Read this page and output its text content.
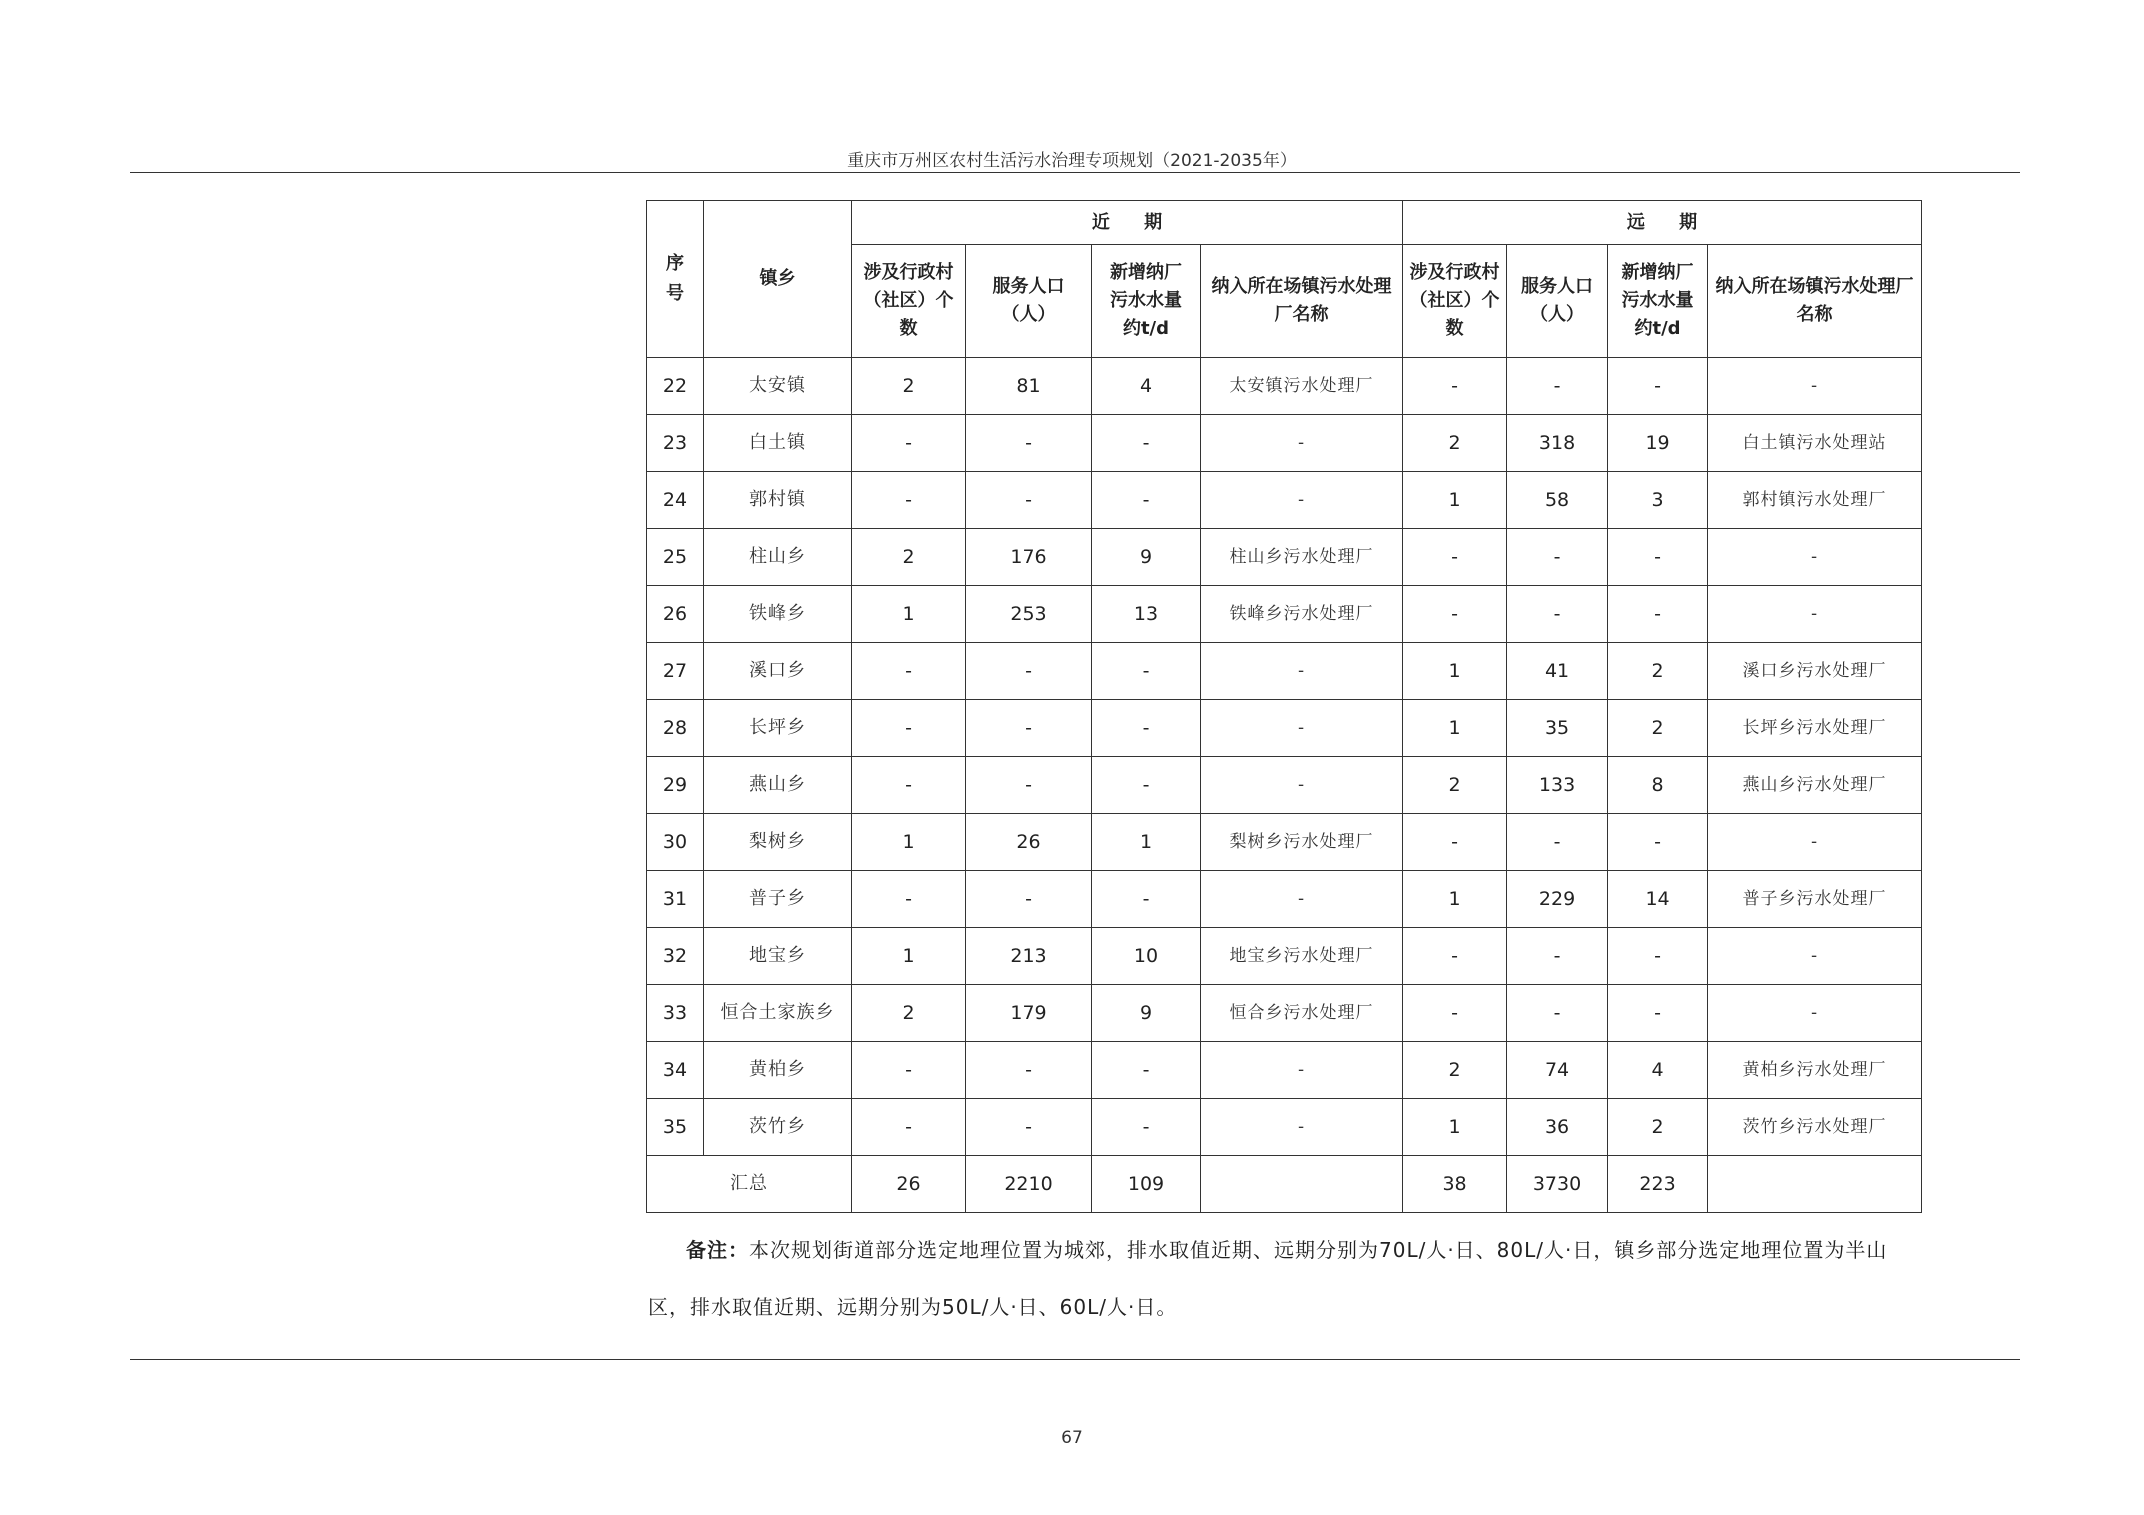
重庆市万州区农村生活污水治理专项规划（2021-2035年）
序号	镇乡	近 期				远 期			

		涉及行政村（社区）个数	服务人口（人）	新增纳厂污水水量约t/d	纳入所在场镇污水处理厂名称	涉及行政村（社区）个数	服务人口（人）	新增纳厂污水水量约t/d	纳入所在场镇污水处理厂名称

22	太安镇	2	81	4	太安镇污水处理厂	-	-	-	-
23	白土镇	-	-	-	-	2	318	19	白土镇污水处理站
24	郭村镇	-	-	-	-	1	58	3	郭村镇污水处理厂
25	柱山乡	2	176	9	柱山乡污水处理厂	-	-	-	-
26	铁峰乡	1	253	13	铁峰乡污水处理厂	-	-	-	-
27	溪口乡	-	-	-	-	1	41	2	溪口乡污水处理厂
28	长坪乡	-	-	-	-	1	35	2	长坪乡污水处理厂
29	燕山乡	-	-	-	-	2	133	8	燕山乡污水处理厂
30	梨树乡	1	26	1	梨树乡污水处理厂	-	-	-	-
31	普子乡	-	-	-	-	1	229	14	普子乡污水处理厂
32	地宝乡	1	213	10	地宝乡污水处理厂	-	-	-	-
33	恒合土家族乡	2	179	9	恒合乡污水处理厂	-	-	-	-
34	黄柏乡	-	-	-	-	2	74	4	黄柏乡污水处理厂
35	茨竹乡	-	-	-	-	1	36	2	茨竹乡污水处理厂
汇总		26	2210	109		38	3730	223	

备注：本次规划街道部分选定地理位置为城郊，排水取值近期、远期分别为70L/人·日、80L/人·日，镇乡部分选定地理位置为半山

区，排水取值近期、远期分别为50L/人·日、60L/人·日。

67
